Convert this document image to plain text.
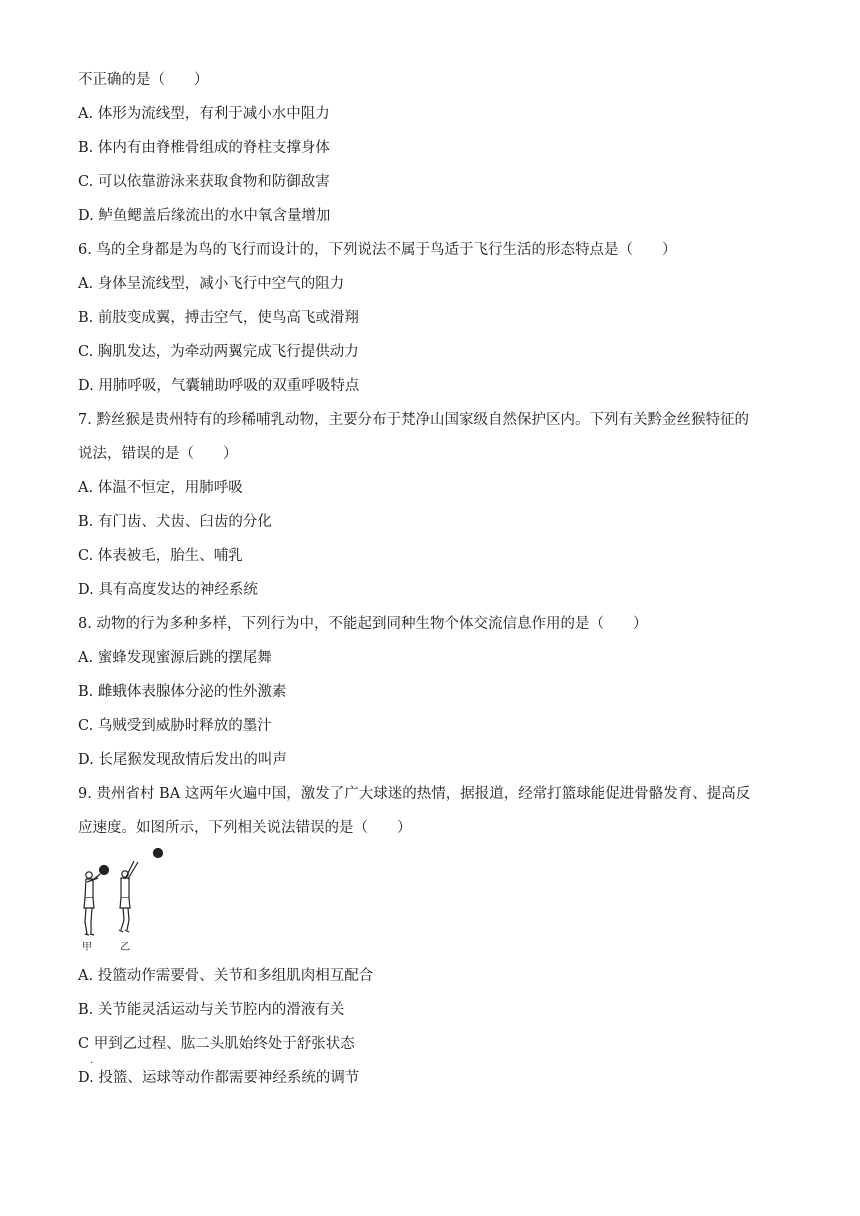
不正确的是（　　）
A. 体形为流线型，有利于减小水中阻力
B. 体内有由脊椎骨组成的脊柱支撑身体
C. 可以依靠游泳来获取食物和防御敌害
D. 鲈鱼鳃盖后缘流出的水中氧含量增加
6. 鸟的全身都是为鸟的飞行而设计的，下列说法不属于鸟适于飞行生活的形态特点是（　　）
A. 身体呈流线型，减小飞行中空气的阻力
B. 前肢变成翼，搏击空气，使鸟高飞或滑翔
C. 胸肌发达，为牵动两翼完成飞行提供动力
D. 用肺呼吸，气囊辅助呼吸的双重呼吸特点
7. 黔丝猴是贵州特有的珍稀哺乳动物，主要分布于梵净山国家级自然保护区内。下列有关黔金丝猴特征的
说法，错误的是（　　）
A. 体温不恒定，用肺呼吸
B. 有门齿、犬齿、臼齿的分化
C. 体表被毛，胎生、哺乳
D. 具有高度发达的神经系统
8. 动物的行为多种多样，下列行为中，不能起到同种生物个体交流信息作用的是（　　）
A. 蜜蜂发现蜜源后跳的摆尾舞
B. 雌蛾体表腺体分泌的性外激素
C. 乌贼受到威胁时释放的墨汁
D. 长尾猴发现敌情后发出的叫声
9. 贵州省村 BA 这两年火遍中国，激发了广大球迷的热情，据报道，经常打篮球能促进骨骼发育、提高反
应速度。如图所示，下列相关说法错误的是（　　）
甲	乙
A. 投篮动作需要骨、关节和多组肌肉相互配合
B. 关节能灵活运动与关节腔内的滑液有关
C 甲到乙过程、肱二头肌始终处于舒张状态
.
D. 投篮、运球等动作都需要神经系统的调节
